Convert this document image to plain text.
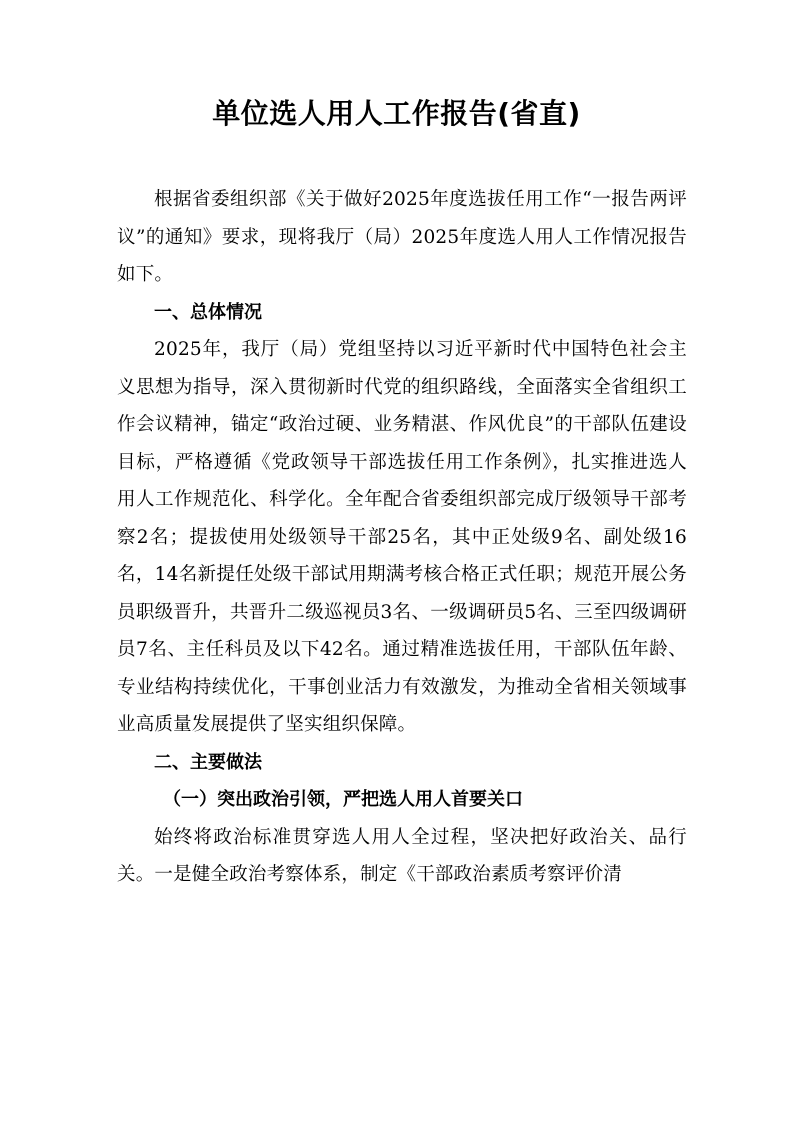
单位选人用人工作报告(省直)

根据省委组织部《关于做好2025年度选拔任用工作“一报告两评议”的通知》要求，现将我厅（局）2025年度选人用人工作情况报告如下。

一、总体情况

2025年，我厅（局）党组坚持以习近平新时代中国特色社会主义思想为指导，深入贯彻新时代党的组织路线，全面落实全省组织工作会议精神，锚定“政治过硬、业务精湛、作风优良”的干部队伍建设目标，严格遵循《党政领导干部选拔任用工作条例》，扎实推进选人用人工作规范化、科学化。全年配合省委组织部完成厅级领导干部考察2名；提拔使用处级领导干部25名，其中正处级9名、副处级16名，14名新提任处级干部试用期满考核合格正式任职；规范开展公务员职级晋升，共晋升二级巡视员3名、一级调研员5名、三至四级调研员7名、主任科员及以下42名。通过精准选拔任用，干部队伍年龄、专业结构持续优化，干事创业活力有效激发，为推动全省相关领域事业高质量发展提供了坚实组织保障。

二、主要做法

（一）突出政治引领，严把选人用人首要关口

始终将政治标准贯穿选人用人全过程，坚决把好政治关、品行关。一是健全政治考察体系，制定《干部政治素质考察评价清
